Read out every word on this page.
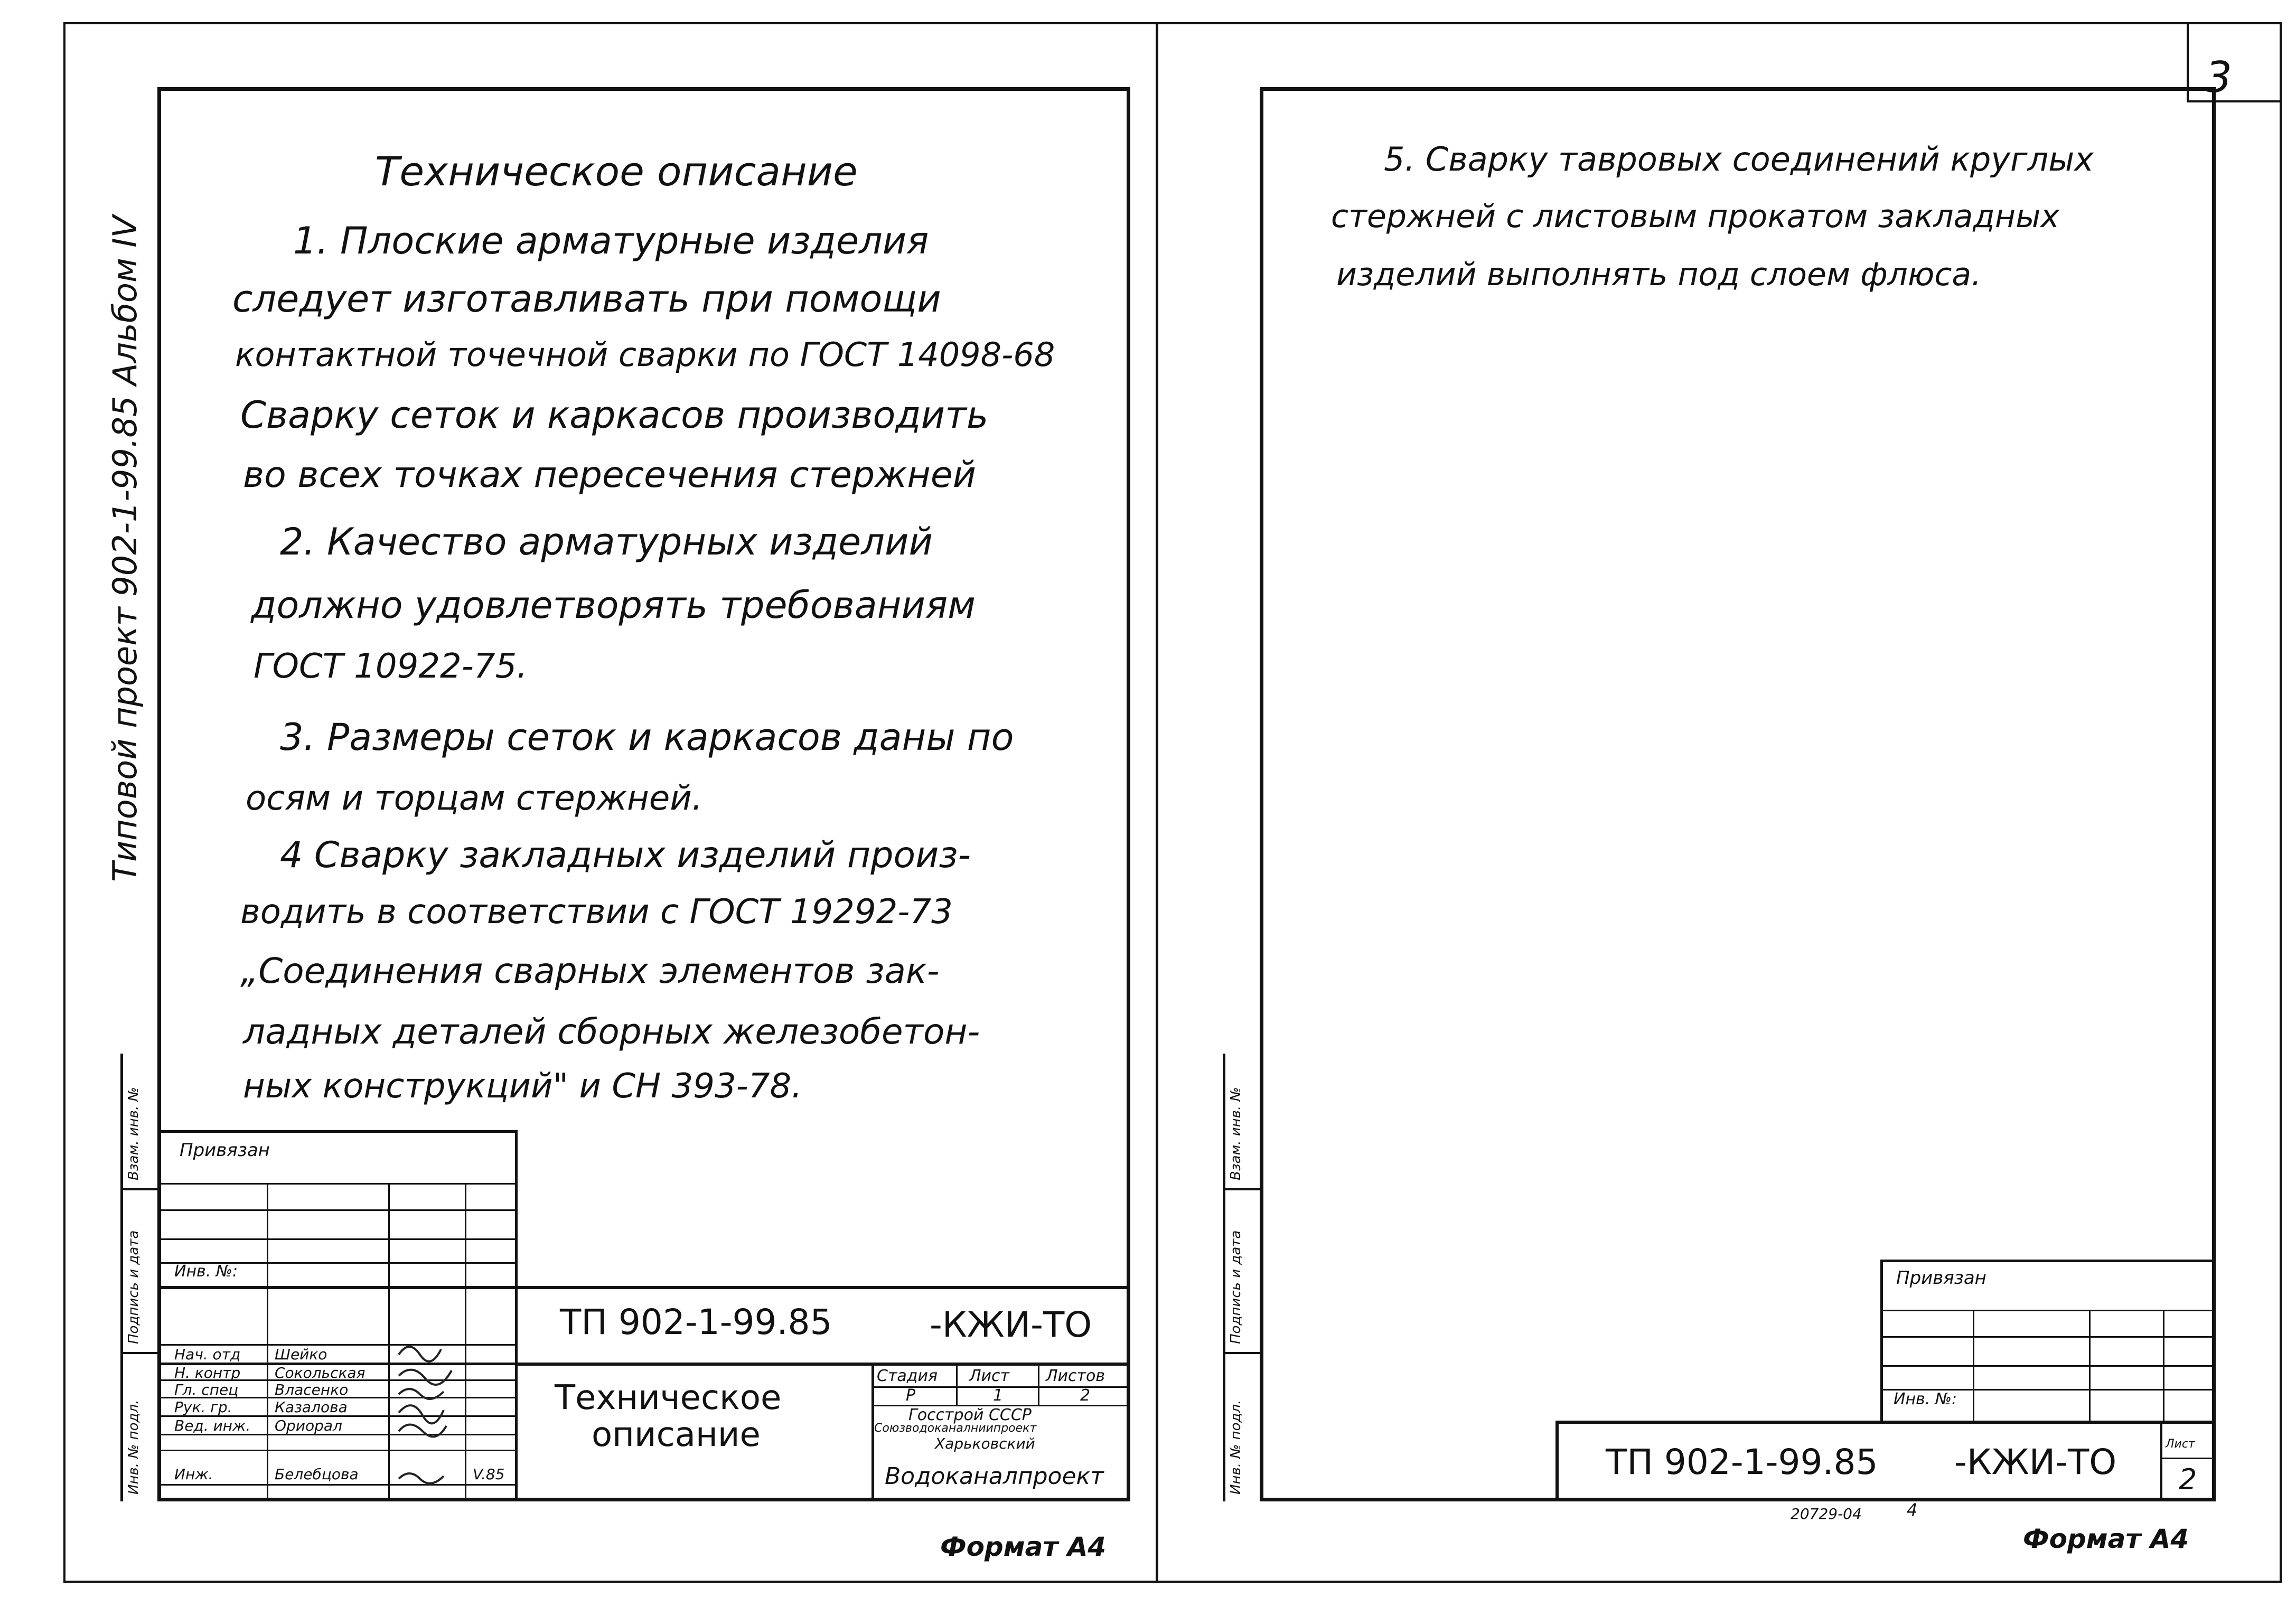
3
Типовой проект 902-1-99.85 Альбом IV
Инв. № подл.
Подпись и дата
Взам. инв. №
Техническое описание
1. Плоские арматурные изделия
следует изготавливать при помощи
контактной точечной сварки по ГОСТ 14098-68
Сварку сеток и каркасов производить
во всех точках пересечения стержней
2. Качество арматурных изделий
должно удовлетворять требованиям
ГОСТ 10922-75.
3. Размеры сеток и каркасов даны по
осям и торцам стержней.
4 Сварку закладных изделий произ-
водить в соответствии с ГОСТ 19292-73
„Соединения сварных элементов зак-
ладных деталей сборных железобетон-
ных конструкций" и СН 393-78.
Привязан
Инв. №:
ТП 902-1-99.85	-КЖИ-ТО
Нач. отд Шейко
Н. контр Сокольская
Гл. спец Власенко
Рук. гр.	Казалова
Вед. инж. Ориорал
Инж.	Белебцова	V.85
Техническое
описание
Стадия Лист Листов
Р	1	2
Госстрой СССР
Союзводоканалниипроект
Харьковский
Водоканалпроект
Формат А4
Инв. № подл.
Подпись и дата
Взам. инв. №
5. Сварку тавровых соединений круглых
стержней с листовым прокатом закладных
изделий выполнять под слоем флюса.
Привязан
Инв. №:
ТП 902-1-99.85 -КЖИ-ТО	Лист
2
20729-04	4
Формат А4
